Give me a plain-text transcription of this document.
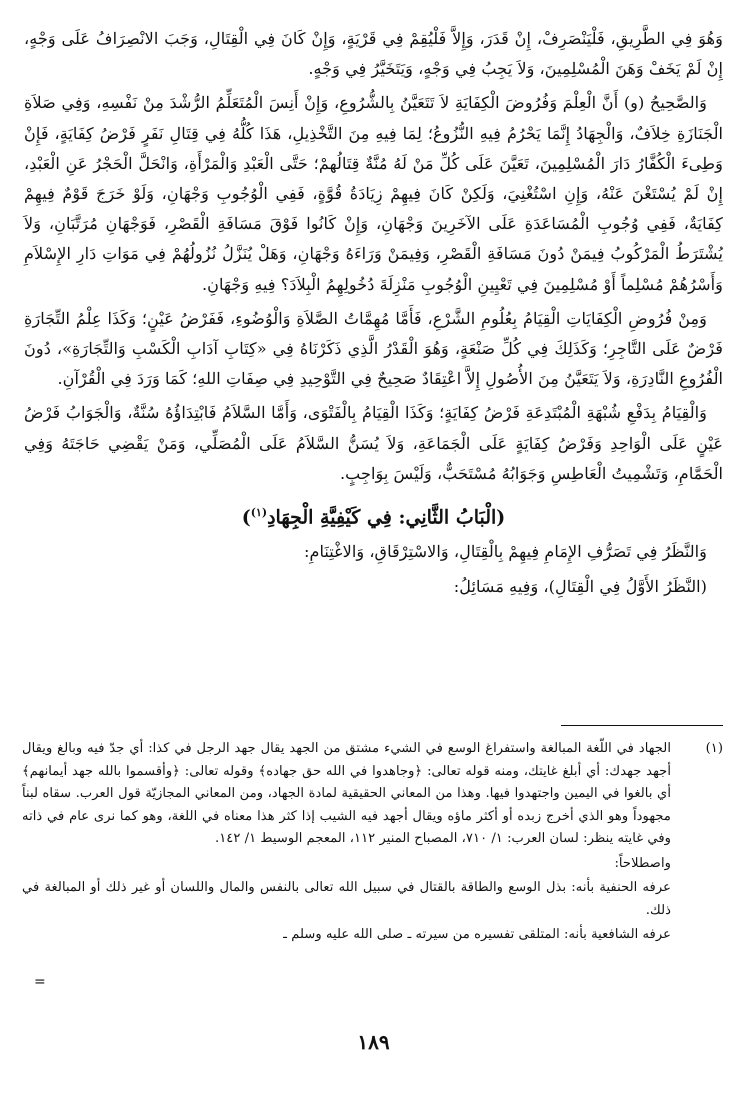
وَهُوَ فِي الطَّرِيقِ، فَلْيَنْصَرِفْ، إِنْ قَدَرَ، وَإِلاَّ فَلْيُقِمْ فِي قَرْيَةٍ، وَإِنْ كَانَ فِي الْقِتَالِ، وَجَبَ الانْصِرَافُ عَلَى وَجْهٍ، إِنْ لَمْ يَخَفْ وَهَنَ الْمُسْلِمِينَ، وَلاَ يَجِبُ فِي وَجْهٍ، وَيَتَخَيَّرُ فِي وَجْهٍ.

وَالصَّحِيحُ (و) أَنَّ الْعِلْمَ وَفُرُوضَ الْكِفَايَةِ لاَ تَتَعَيَّنُ بِالشُّرُوعِ، وَإِنْ أَنِسَ الْمُتَعَلِّمُ الرُّشْدَ مِنْ نَفْسِهِ، وَفِي صَلاَةِ الْجَنَازَةِ خِلاَفٌ، وَالْجِهَادُ إِنَّمَا يَحْرُمُ فِيهِ النُّزُوعُ؛ لِمَا فِيهِ مِنَ التَّخْذِيلِ، هَذَا كُلُّهُ فِي قِتَالِ نَفَرٍ فَرْضُ كِفَايَةٍ، فَإِنْ وَطِىءَ الْكُفَّارُ دَارَ الْمُسْلِمِينَ، تَعَيَّنَ عَلَى كُلِّ مَنْ لَهُ مُنَّةٌ قِتَالُهمْ؛ حَتَّى الْعَبْدِ وَالْمَرْأَةِ، وَانْحَلَّ الْحَجْرُ عَنِ الْعَبْدِ، إِنْ لَمْ يُسْتَغْنَ عَنْهُ، وَإِنِ اسْتُغْنِيَ، وَلَكِنْ كَانَ فِيهِمْ زِيَادَةُ قُوَّةٍ، فَفِي الْوُجُوبِ وَجْهَانِ، وَلَوْ خَرَجَ قَوْمٌ فِيهِمْ كِفَايَةٌ، فَفِي وُجُوبِ الْمُسَاعَدَةِ عَلَى الآخَرِينَ وَجْهَانِ، وَإِنْ كَانُوا فَوْقَ مَسَافَةِ الْقَصْرِ، فَوَجْهَانِ مُرَتَّبَانِ، وَلاَ يُشْتَرَطُ الْمَرْكُوبُ فِيمَنْ دُونَ مَسَافَةِ الْقَصْرِ، وَفِيمَنْ وَرَاءَهُ وَجْهَانِ، وَهَلْ يُنَزَّلُ نُزُولُهُمْ فِي مَوَاتِ دَارِ الإِسْلاَمِ وَأَسْرُهُمْ مُسْلِماً أَوْ مُسْلِمِينَ فِي تَعْيِينِ الْوُجُوبِ مَنْزِلَةَ دُخُولِهِمُ الْبِلاَدَ؟ فِيهِ وَجْهَانِ.

وَمِنْ فُرُوضِ الْكِفَايَاتِ الْقِيَامُ بِعُلُومِ الشَّرْعِ، فَأَمَّا مُهِمَّاتُ الصَّلاَةِ وَالْوُضُوءِ، فَفَرْضُ عَيْنٍ؛ وَكَذَا عِلْمُ التِّجَارَةِ فَرْضٌ عَلَى التَّاجِرِ؛ وَكَذَلِكَ فِي كُلِّ صَنْعَةٍ، وَهُوَ الْقَدْرُ الَّذِي ذَكَرْنَاهُ فِي «كِتَابِ آدَابِ الْكَسْبِ وَالتِّجَارَةِ»، دُونَ الْفُرُوعِ النَّادِرَةِ، وَلاَ يَتَعَيَّنُ مِنَ الأُصُولِ إِلاَّ اعْتِقَادٌ صَحِيحٌ فِي التَّوْحِيدِ فِي صِفَاتِ اللهِ؛ كَمَا وَرَدَ فِي الْقُرْآنِ.

وَالْقِيَامُ بِدَفْعِ شُبْهَةِ الْمُبْتَدِعَةِ فَرْضُ كِفَايَةٍ؛ وَكَذَا الْقِيَامُ بِالْفَتْوَى، وَأَمَّا السَّلاَمُ فَابْتِدَاؤُهُ سُنَّةٌ، وَالْجَوَابُ فَرْضُ عَيْنٍ عَلَى الْوَاحِدِ وَفَرْضُ كِفَايَةٍ عَلَى الْجَمَاعَةِ، وَلاَ يُسَنُّ السَّلاَمُ عَلَى الْمُصَلِّي، وَمَنْ يَقْضِي حَاجَتَهُ وَفِي الْحَمَّامِ، وَتَشْمِيتُ الْعَاطِسِ وَجَوَابُهُ مُسْتَحَبٌّ، وَلَيْسَ بِوَاجِبٍ.

(الْبَابُ الثَّانِي: فِي كَيْفِيَّةِ الْجِهَادِ$^{(١)}$)

وَالنَّظَرُ فِي تَصَرُّفِ الإِمَامِ فِيهِمْ بِالْقِتَالِ، وَالاسْتِرْقَاقِ، وَالاغْتِنَامِ:

(النَّظَرُ الأَوَّلُ فِي الْقِتَالِ)، وَفِيهِ مَسَائِلُ:

(١)
الجهاد في اللّغة المبالغة واستفراغ الوسع في الشيء مشتق من الجهد يقال جهد الرجل في كذا: أي جدّ فيه وبالغ ويقال أجهد جهدك: أي أبلغ غايتك، ومنه قوله تعالى: ﴿وجاهدوا في الله حق جهاده﴾ وقوله تعالى: ﴿وأقسموا بالله جهد أيمانهم﴾ أي بالغوا في اليمين واجتهدوا فيها. وهذا من المعاني الحقيقية لمادة الجهاد، ومن المعاني المجازيّة قول العرب. سقاه لبناً مجهوداً وهو الذي أخرج زبده أو أكثر ماؤه ويقال أجهد فيه الشيب إذا كثر هذا معناه في اللغة، وهو كما نرى عام في ذاته وفي غايته ينظر: لسان العرب: ١/ ٧١٠، المصباح المنير ١١٢، المعجم الوسيط ١/ ١٤٢.

واصطلاحاً:

عرفه الحنفية بأنه: بذل الوسع والطاقة بالقتال في سبيل الله تعالى بالنفس والمال واللسان أو غير ذلك أو المبالغة في ذلك.

عرفه الشافعية بأنه: المتلقى تفسيره من سيرته ـ صلى الله عليه وسلم ـ

=
١٨٩
